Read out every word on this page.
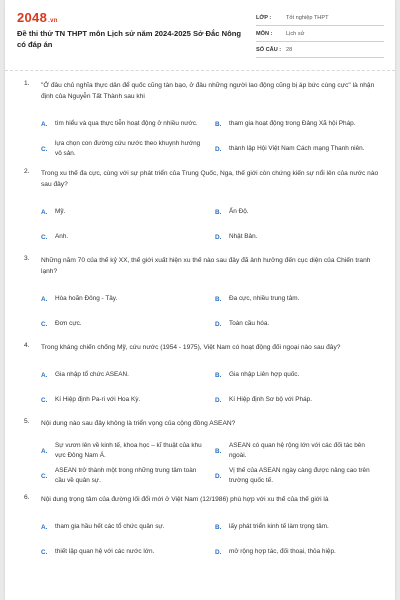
2048.vn
Đề thi thử TN THPT môn Lịch sử năm 2024-2025 Sở Đắc Nông có đáp án
LỚP :	Tốt nghiệp THPT
MÔN :	Lịch sử
SỐ CÂU : 28
1. "Ở đâu chủ nghĩa thực dân để quốc cũng tàn bạo, ở đâu những người lao động cũng bị áp bức cùng cực" là nhận định của Nguyễn Tất Thành sau khi
A.	tìm hiểu và qua thực tiễn hoạt động ở nhiều nước.	B.	tham gia hoạt động trong Đảng Xã hội Pháp.
C.
lựa chọn con đường cứu nước theo khuynh hướng vô sản.
D.	thành lập Hội Việt Nam Cách mạng Thanh niên.
2. Trong xu thế đa cực, cùng với sự phát triển của Trung Quốc, Nga, thế giới còn chứng kiến sự nổi lên của nước nào sau đây?
A.	Mỹ.	B.	Ấn Độ.
C.	Anh.	D.	Nhật Bản.
3. Những năm 70 của thế kỷ XX, thế giới xuất hiện xu thế nào sau đây đã ảnh hưởng đến cục diện của Chiến tranh lạnh?
A.	Hòa hoãn Đông - Tây.	B.	Đa cực, nhiều trung tâm.
C.	Đơn cực.	D.	Toàn cầu hóa.
4. Trong kháng chiến chống Mỹ, cứu nước (1954 - 1975), Việt Nam có hoạt động đối ngoại nào sau đây?
A.	Gia nhập tổ chức ASEAN.	B.	Gia nhập Liên hợp quốc.
C.	Kí Hiệp định Pa-ri với Hoa Kỳ.	D.	Kí Hiệp định Sơ bộ với Pháp.
5. Nội dung nào sau đây không là triển vọng của cộng đồng ASEAN?
A.
Sự vươn lên về kinh tế, khoa học – kĩ thuật của khu vực Đông Nam Á.
B.
ASEAN có quan hệ rộng lớn với các đối tác bên ngoài.
C.
ASEAN trở thành một trong những trung tâm toàn cầu về quân sự.
D.
Vị thế của ASEAN ngày càng được nâng cao trên trường quốc tế.
6. Nội dung trọng tâm của đường lối đổi mới ở Việt Nam (12/1986) phù hợp với xu thế của thế giới là
A.	tham gia hầu hết các tổ chức quân sự.	B.	lấy phát triển kinh tế làm trọng tâm.
C.	thiết lập quan hệ với các nước lớn.	D.	mở rộng hợp tác, đối thoại, thỏa hiệp.
